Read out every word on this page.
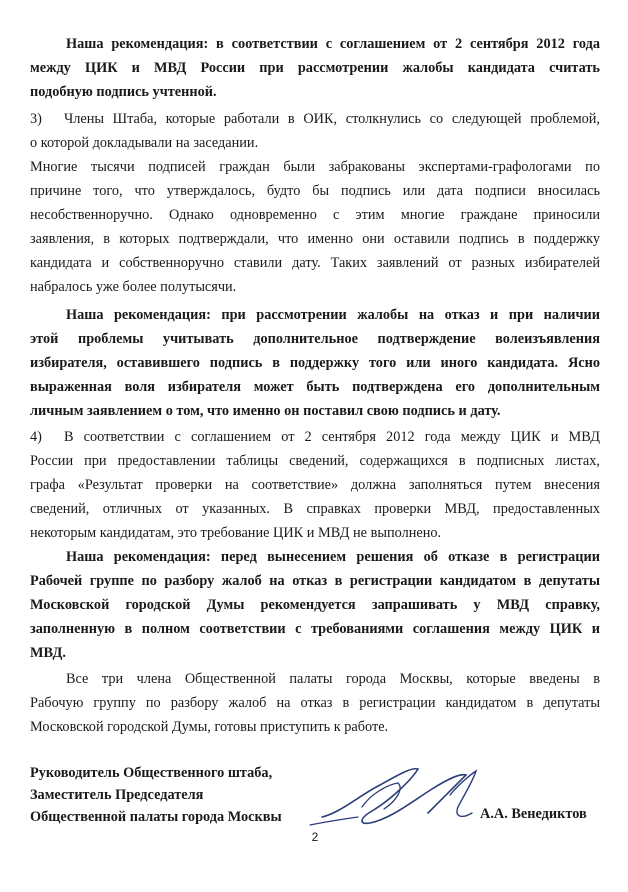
Наша рекомендация: в соответствии с соглашением от 2 сентября 2012 года
между ЦИК и МВД России при рассмотрении жалобы кандидата считать
подобную подпись учтенной.
3) Члены Штаба, которые работали в ОИК, столкнулись со следующей проблемой,
о которой докладывали на заседании.
Многие тысячи подписей граждан были забракованы экспертами-графологами по
причине того, что утверждалось, будто бы подпись или дата подписи вносилась
несобственноручно. Однако одновременно с этим многие граждане приносили
заявления, в которых подтверждали, что именно они оставили подпись в поддержку
кандидата и собственноручно ставили дату. Таких заявлений от разных избирателей
набралось уже более полутысячи.
Наша рекомендация: при рассмотрении жалобы на отказ и при наличии
этой проблемы учитывать дополнительное подтверждение волеизъявления
избирателя, оставившего подпись в поддержку того или иного кандидата. Ясно
выраженная воля избирателя может быть подтверждена его дополнительным
личным заявлением о том, что именно он поставил свою подпись и дату.
4) В соответствии с соглашением от 2 сентября 2012 года между ЦИК и МВД
России при предоставлении таблицы сведений, содержащихся в подписных листах,
графа «Результат проверки на соответствие» должна заполняться путем внесения
сведений, отличных от указанных. В справках проверки МВД, предоставленных
некоторым кандидатам, это требование ЦИК и МВД не выполнено.
Наша рекомендация: перед вынесением решения об отказе в регистрации
Рабочей группе по разбору жалоб на отказ в регистрации кандидатом в депутаты
Московской городской Думы рекомендуется запрашивать у МВД справку,
заполненную в полном соответствии с требованиями соглашения между ЦИК и
МВД.
Все три члена Общественной палаты города Москвы, которые введены в
Рабочую группу по разбору жалоб на отказ в регистрации кандидатом в депутаты
Московской городской Думы, готовы приступить к работе.
Руководитель Общественного штаба,
Заместитель Председателя
Общественной палаты города Москвы	А.А. Венедиктов
2
